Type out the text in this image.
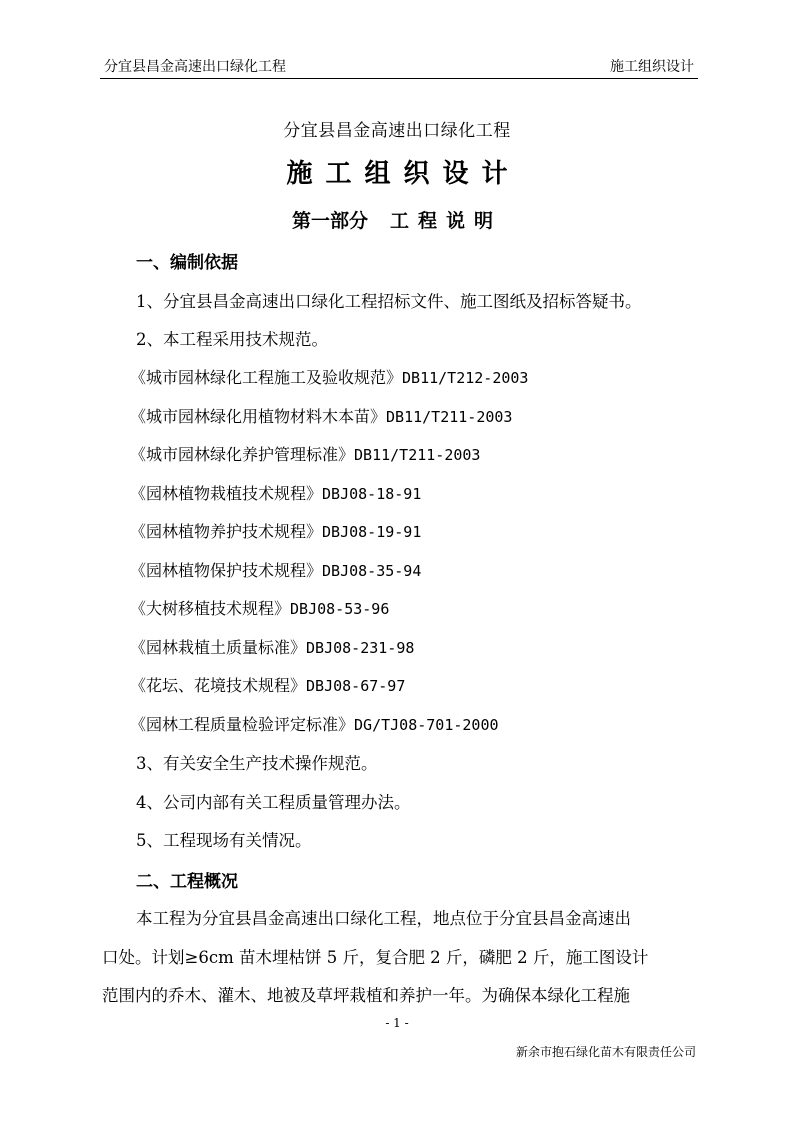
分宜县昌金高速出口绿化工程	施工组织设计
分宜县昌金高速出口绿化工程
施工组织设计
第一部分 工程说明
一、编制依据
1、分宜县昌金高速出口绿化工程招标文件、施工图纸及招标答疑书。
2、本工程采用技术规范。
《城市园林绿化工程施工及验收规范》DB11/T212-2003
《城市园林绿化用植物材料木本苗》DB11/T211-2003
《城市园林绿化养护管理标准》DB11/T211-2003
《园林植物栽植技术规程》DBJ08-18-91
《园林植物养护技术规程》DBJ08-19-91
《园林植物保护技术规程》DBJ08-35-94
《大树移植技术规程》DBJ08-53-96
《园林栽植土质量标准》DBJ08-231-98
《花坛、花境技术规程》DBJ08-67-97
《园林工程质量检验评定标准》DG/TJ08-701-2000
3、有关安全生产技术操作规范。
4、公司内部有关工程质量管理办法。
5、工程现场有关情况。
二、工程概况
本工程为分宜县昌金高速出口绿化工程，地点位于分宜县昌金高速出
口处。计划≥6cm 苗木埋枯饼 5 斤，复合肥 2 斤，磷肥 2 斤，施工图设计
范围内的乔木、灌木、地被及草坪栽植和养护一年。为确保本绿化工程施
- 1 -
新余市抱石绿化苗木有限责任公司
